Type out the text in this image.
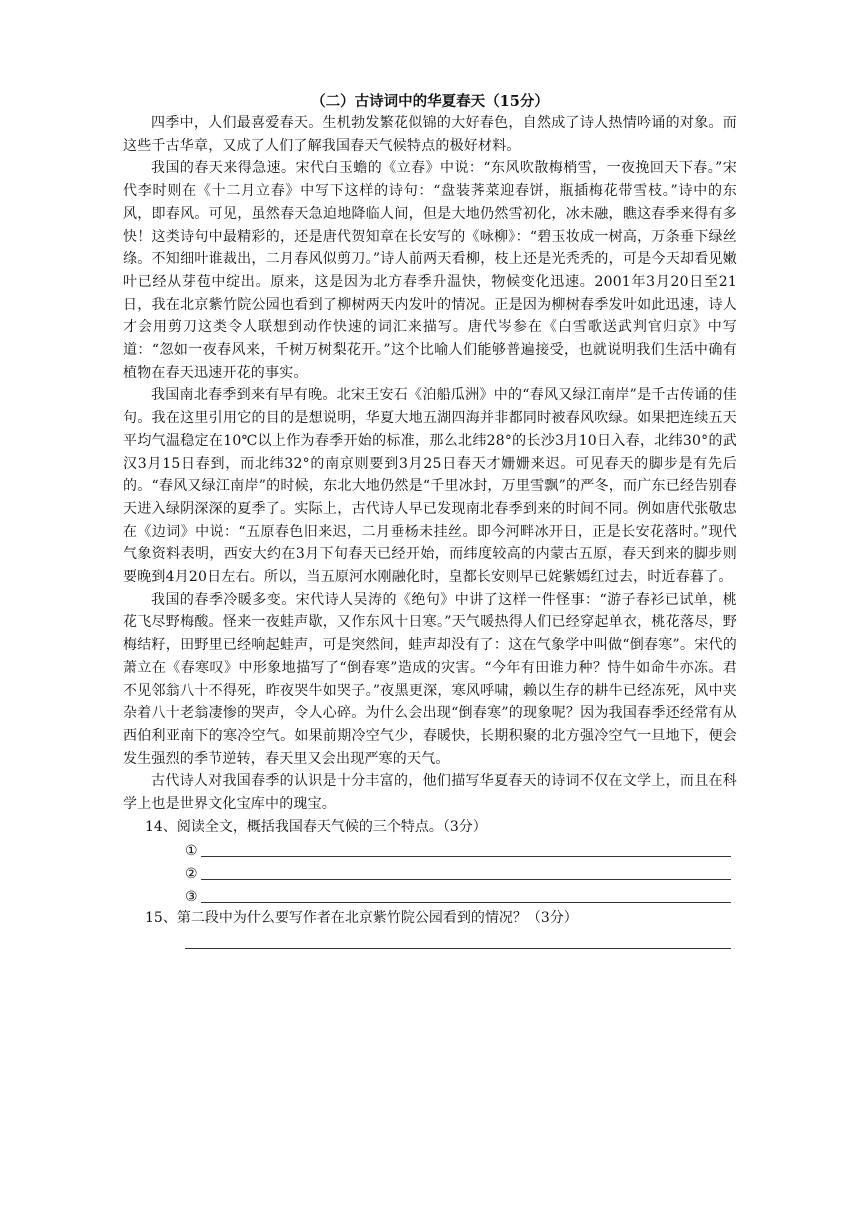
（二）古诗词中的华夏春天（15分）

四季中，人们最喜爱春天。生机勃发繁花似锦的大好春色，自然成了诗人热情吟诵的对象。而这些千古华章，又成了人们了解我国春天气候特点的极好材料。

我国的春天来得急速。宋代白玉蟾的《立春》中说：“东风吹散梅梢雪，一夜挽回天下春。”宋代李时则在《十二月立春》中写下这样的诗句：“盘装荠菜迎春饼，瓶插梅花带雪枝。”诗中的东风，即春风。可见，虽然春天急迫地降临人间，但是大地仍然雪初化，冰未融，瞧这春季来得有多快！这类诗句中最精彩的，还是唐代贺知章在长安写的《咏柳》：“碧玉妆成一树高，万条垂下绿丝绦。不知细叶谁裁出，二月春风似剪刀。”诗人前两天看柳，枝上还是光秃秃的，可是今天却看见嫩叶已经从芽苞中绽出。原来，这是因为北方春季升温快，物候变化迅速。2001年3月20日至21日，我在北京紫竹院公园也看到了柳树两天内发叶的情况。正是因为柳树春季发叶如此迅速，诗人才会用剪刀这类令人联想到动作快速的词汇来描写。唐代岑参在《白雪歌送武判官归京》中写道：“忽如一夜春风来，千树万树梨花开。”这个比喻人们能够普遍接受，也就说明我们生活中确有植物在春天迅速开花的事实。

我国南北春季到来有早有晚。北宋王安石《泊船瓜洲》中的“春风又绿江南岸”是千古传诵的佳句。我在这里引用它的目的是想说明，华夏大地五湖四海并非都同时被春风吹绿。如果把连续五天平均气温稳定在10℃以上作为春季开始的标准，那么北纬28°的长沙3月10日入春，北纬30°的武汉3月15日春到，而北纬32°的南京则要到3月25日春天才姗姗来迟。可见春天的脚步是有先后的。“春风又绿江南岸”的时候，东北大地仍然是“千里冰封，万里雪飘”的严冬，而广东已经告别春天进入绿阴深深的夏季了。实际上，古代诗人早已发现南北春季到来的时间不同。例如唐代张敬忠在《边词》中说：“五原春色旧来迟，二月垂杨未挂丝。即今河畔冰开日，正是长安花落时。”现代气象资料表明，西安大约在3月下旬春天已经开始，而纬度较高的内蒙古五原，春天到来的脚步则要晚到4月20日左右。所以，当五原河水刚融化时，皇都长安则早已姹紫嫣红过去，时近春暮了。

我国的春季冷暖多变。宋代诗人吴涛的《绝句》中讲了这样一件怪事：“游子春衫已试单，桃花飞尽野梅酸。怪来一夜蛙声歇，又作东风十日寒。”天气暖热得人们已经穿起单衣，桃花落尽，野梅结籽，田野里已经响起蛙声，可是突然间，蛙声却没有了：这在气象学中叫做“倒春寒”。宋代的萧立在《春寒叹》中形象地描写了“倒春寒”造成的灾害。“今年有田谁力种？恃牛如命牛亦冻。君不见邻翁八十不得死，昨夜哭牛如哭子。”夜黑更深，寒风呼啸，赖以生存的耕牛已经冻死，风中夹杂着八十老翁凄惨的哭声，令人心碎。为什么会出现“倒春寒”的现象呢？因为我国春季还经常有从西伯利亚南下的寒冷空气。如果前期冷空气少，春暖快，长期积聚的北方强冷空气一旦地下，便会发生强烈的季节逆转，春天里又会出现严寒的天气。

古代诗人对我国春季的认识是十分丰富的，他们描写华夏春天的诗词不仅在文学上，而且在科学上也是世界文化宝库中的瑰宝。

14、阅读全文，概括我国春天气候的三个特点。（3分）
①
②
③
15、第二段中为什么要写作者在北京紫竹院公园看到的情况？（3分）
